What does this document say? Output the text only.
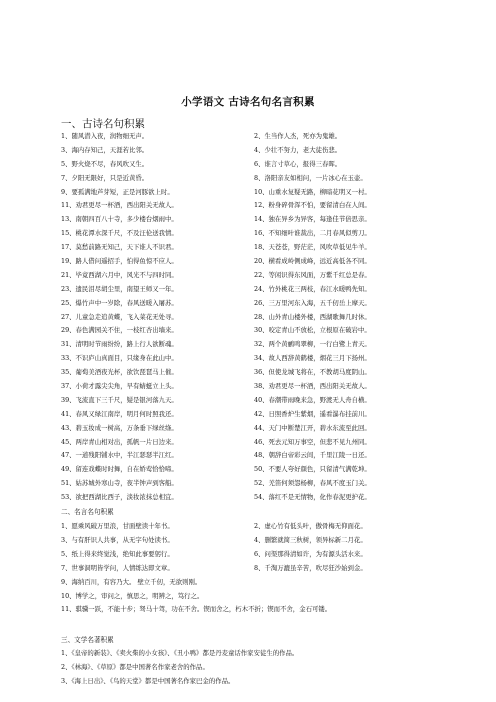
小学语文 古诗名句名言积累
一、古诗名句积累
1、随风潜入夜，润物细无声。	2、生当作人杰，死亦为鬼雄。
3、海内存知己，天涯若比邻。	4、少壮不努力，老大徒伤悲。
5、野火烧不尽，春风吹又生。	6、谁言寸草心，报得三春晖。
7、夕阳无限好，只是近黄昏。	8、洛阳亲友如相问，一片冰心在玉壶。
9、要孤满地芦芽短，正是河豚欲上时。	10、山重水复疑无路，柳暗花明又一村。
11、劝君更尽一杯酒，西出阳关无故人。	12、粉身碎骨浑不怕，要留清白在人间。
13、南朝四百八十寺，多少楼台烟雨中。	14、独在异乡为异客，每逢佳节倍思亲。
15、桃花潭水深千尺，不及汪伦送我情。	16、不知细叶谁裁出，二月春风似剪刀。
17、莫愁前路无知己，天下谁人不识君。	18、天苍苍，野茫茫，风吹草低见牛羊。
19、路人借问遥招手，怕得鱼惊不应人。	20、横看成岭侧成峰，远近高低各不同。
21、毕竟西湖六月中，风光不与四时同。	22、等闲识得东风面，万紫千红总是春。
23、遗民泪尽胡尘里，南望王师又一年。	24、竹外桃花三两枝，春江水暖鸭先知。
25、爆竹声中一岁除，春风送暖入屠苏。	26、三万里河东入海，五千仞岳上摩天。
27、儿童急走追黄蝶，飞入菜花无处寻。	28、山外青山楼外楼，西湖歌舞几时休。
29、春色满园关不住，一枝红杏出墙来。	30、咬定青山不放松，立根原在破岩中。
31、清明时节雨纷纷，路上行人欲断魂。	32、两个黄鹂鸣翠柳，一行白鹭上青天。
33、不识庐山真面目，只缘身在此山中。	34、故人西辞黄鹤楼，烟花三月下扬州。
35、葡萄美酒夜光杯，欲饮琵琶马上催。	36、但使龙城飞将在，不教胡马度阴山。
37、小荷才露尖尖角，早有蜻蜓立上头。	38、劝君更尽一杯酒，西出阳关无故人。
39、飞流直下三千尺，疑是银河落九天。	40、春潮带雨晚来急，野渡无人舟自横。
41、春风又绿江南岸，明月何时照我还。	42、日照香炉生紫烟，遥看瀑布挂前川。
43、碧玉妆成一树高，万条垂下绿丝绦。	44、天门中断楚江开，碧水东流至此回。
45、两岸青山相对出，孤帆一片日边来。	46、死去元知万事空，但悲不见九州同。
47、一道残阳铺水中，半江瑟瑟半江红。	48、朝辞白帝彩云间，千里江陵一日还。
49、留连戏蝶时时舞，自在娇莺恰恰啼。	50、不要人夸好颜色，只留清气满乾坤。
51、姑苏城外寒山寺，夜半钟声到客船。	52、羌笛何须怨杨柳，春风不度玉门关。
53、欲把西湖比西子，淡妆浓抹总相宜。	54、落红不是无情物，化作春泥更护花。
二、名言名句积累
1、愿乘风破万里浪，甘面壁读十年书。	2、虚心竹有低头叶，傲骨梅无仰面花。
3、与有肝识人共事，从无字句处读书。	4、删繁就简三秋树，领异标新二月花。
5、纸上得来终觉浅，绝知此事要躬行。	6、问渠那得清如许，为有源头活水来。
7、世事洞明皆学问，人情练达即文章。	8、千淘万漉虽辛苦，吹尽狂沙始到金。
9、海纳百川，有容乃大。 壁立千仞，无欲则刚。
10、博学之，审问之，慎思之，明辨之，笃行之。
11、骐骥一跃，不能十步；驽马十驾，功在不舍。锲而舍之，朽木不折；锲而不舍，金石可镂。
三、文学名著积累
1、《皇帝的新装》、《卖火柴的小女孩》、《丑小鸭》都是丹麦童话作家安徒生的作品。
2、《林海》、《草原》都是中国著名作家老舍的作品。
3、《海上日出》、《鸟的天堂》都是中国著名作家巴金的作品。
